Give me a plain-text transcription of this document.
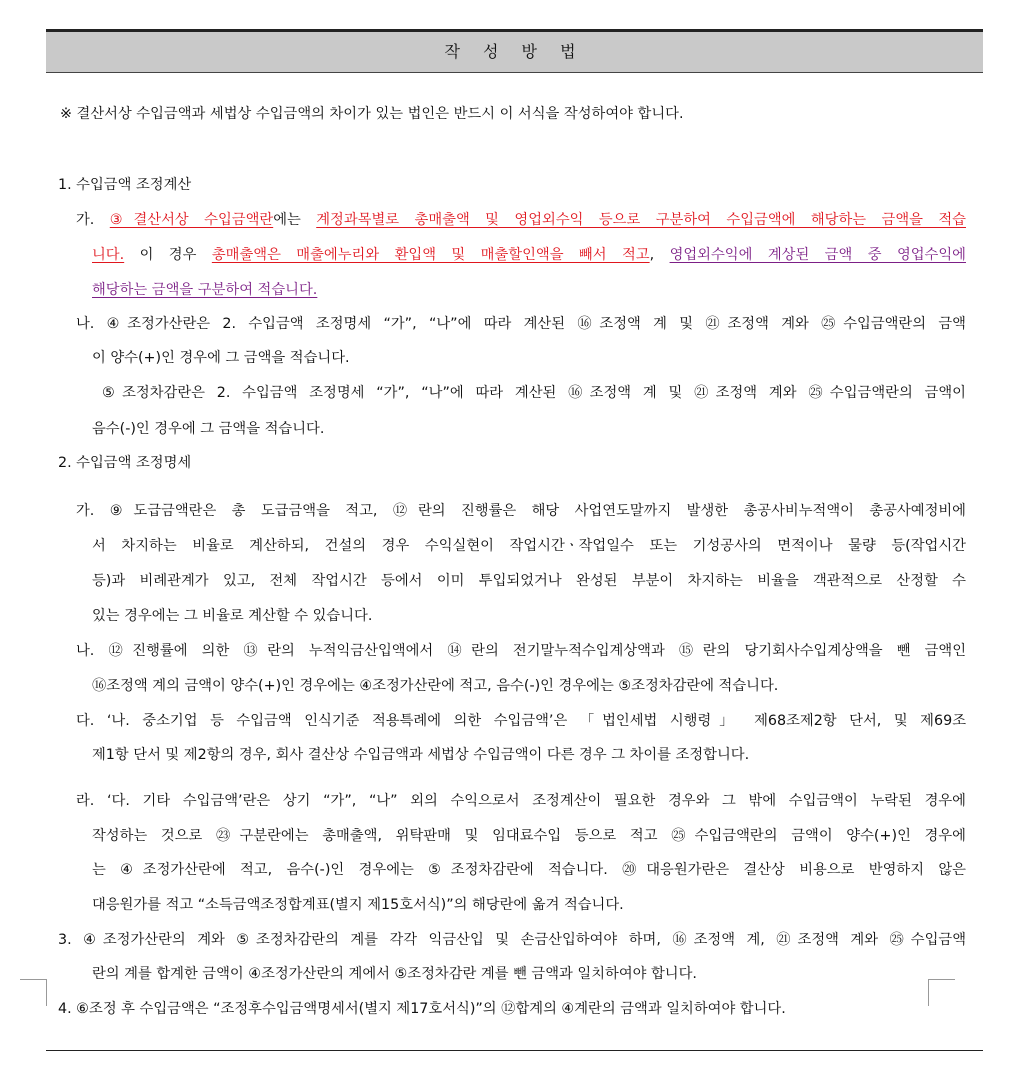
작 성 방 법
※ 결산서상 수입금액과 세법상 수입금액의 차이가 있는 법인은 반드시 이 서식을 작성하여야 합니다.
1. 수입금액 조정계산
가. ③결산서상 수입금액란에는 계정과목별로 총매출액 및 영업외수익 등으로 구분하여 수입금액에 해당하는 금액을 적습
니다. 이 경우 총매출액은 매출에누리와 환입액 및 매출할인액을 빼서 적고, 영업외수익에 계상된 금액 중 영업수익에
해당하는 금액을 구분하여 적습니다.
나. ④조정가산란은 2. 수입금액 조정명세 “가”, “나”에 따라 계산된 ⑯조정액 계 및 ㉑조정액 계와 ㉕수입금액란의 금액
이 양수(+)인 경우에 그 금액을 적습니다.
⑤조정차감란은 2. 수입금액 조정명세 “가”, “나”에 따라 계산된 ⑯조정액 계 및 ㉑조정액 계와 ㉕수입금액란의 금액이
음수(-)인 경우에 그 금액을 적습니다.
2. 수입금액 조정명세
가. ⑨도급금액란은 총 도급금액을 적고, ⑫란의 진행률은 해당 사업연도말까지 발생한 총공사비누적액이 총공사예정비에
서 차지하는 비율로 계산하되, 건설의 경우 수익실현이 작업시간ㆍ작업일수 또는 기성공사의 면적이나 물량 등(작업시간
등)과 비례관계가 있고, 전체 작업시간 등에서 이미 투입되었거나 완성된 부분이 차지하는 비율을 객관적으로 산정할 수
있는 경우에는 그 비율로 계산할 수 있습니다.
나. ⑫진행률에 의한 ⑬란의 누적익금산입액에서 ⑭란의 전기말누적수입계상액과 ⑮란의 당기회사수입계상액을 뺀 금액인
⑯조정액 계의 금액이 양수(+)인 경우에는 ④조정가산란에 적고, 음수(-)인 경우에는 ⑤조정차감란에 적습니다.
다. ‘나. 중소기업 등 수입금액 인식기준 적용특례에 의한 수입금액’은 「법인세법 시행령」 제68조제2항 단서, 및 제69조
제1항 단서 및 제2항의 경우, 회사 결산상 수입금액과 세법상 수입금액이 다른 경우 그 차이를 조정합니다.
라. ‘다. 기타 수입금액’란은 상기 “가”, “나” 외의 수익으로서 조정계산이 필요한 경우와 그 밖에 수입금액이 누락된 경우에
작성하는 것으로 ㉓구분란에는 총매출액, 위탁판매 및 임대료수입 등으로 적고 ㉕수입금액란의 금액이 양수(+)인 경우에
는 ④조정가산란에 적고, 음수(-)인 경우에는 ⑤조정차감란에 적습니다. ⑳대응원가란은 결산상 비용으로 반영하지 않은
대응원가를 적고 “소득금액조정합계표(별지 제15호서식)”의 해당란에 옮겨 적습니다.
3. ④조정가산란의 계와 ⑤조정차감란의 계를 각각 익금산입 및 손금산입하여야 하며, ⑯조정액 계, ㉑조정액 계와 ㉕수입금액
란의 계를 합계한 금액이 ④조정가산란의 계에서 ⑤조정차감란 계를 뺀 금액과 일치하여야 합니다.
4. ⑥조정 후 수입금액은 “조정후수입금액명세서(별지 제17호서식)”의 ⑫합계의 ④계란의 금액과 일치하여야 합니다.
